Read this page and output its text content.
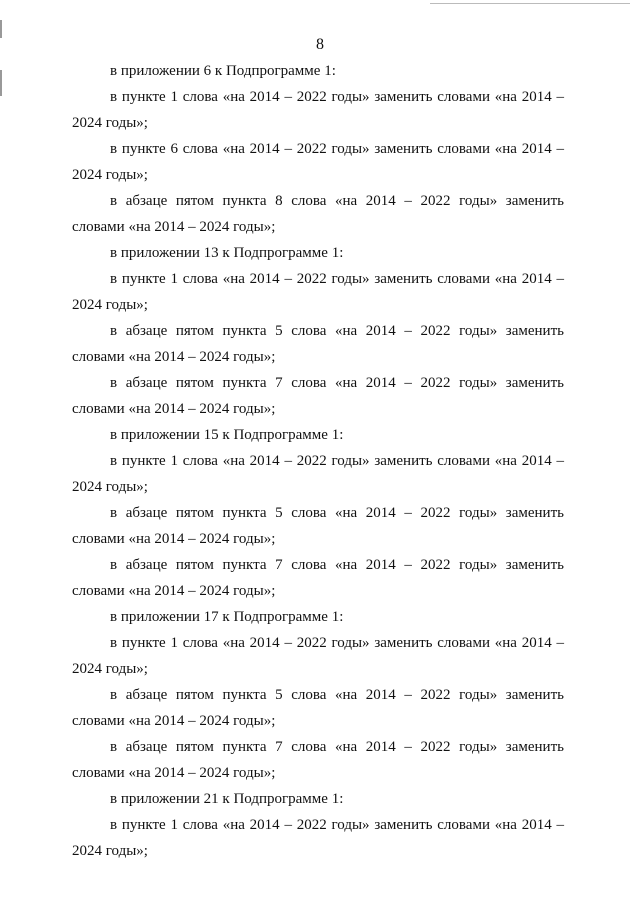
8

в приложении 6 к Подпрограмме 1:

в пункте 1 слова «на 2014 – 2022 годы» заменить словами «на 2014 – 2024 годы»;

в пункте 6 слова «на 2014 – 2022 годы» заменить словами «на 2014 – 2024 годы»;

в абзаце пятом пункта 8 слова «на 2014 – 2022 годы» заменить словами «на 2014 – 2024 годы»;

в приложении 13 к Подпрограмме 1:

в пункте 1 слова «на 2014 – 2022 годы» заменить словами «на 2014 – 2024 годы»;

в абзаце пятом пункта 5 слова «на 2014 – 2022 годы» заменить словами «на 2014 – 2024 годы»;

в абзаце пятом пункта 7 слова «на 2014 – 2022 годы» заменить словами «на 2014 – 2024 годы»;

в приложении 15 к Подпрограмме 1:

в пункте 1 слова «на 2014 – 2022 годы» заменить словами «на 2014 – 2024 годы»;

в абзаце пятом пункта 5 слова «на 2014 – 2022 годы» заменить словами «на 2014 – 2024 годы»;

в абзаце пятом пункта 7 слова «на 2014 – 2022 годы» заменить словами «на 2014 – 2024 годы»;

в приложении 17 к Подпрограмме 1:

в пункте 1 слова «на 2014 – 2022 годы» заменить словами «на 2014 – 2024 годы»;

в абзаце пятом пункта 5 слова «на 2014 – 2022 годы» заменить словами «на 2014 – 2024 годы»;

в абзаце пятом пункта 7 слова «на 2014 – 2022 годы» заменить словами «на 2014 – 2024 годы»;

в приложении 21 к Подпрограмме 1:

в пункте 1 слова «на 2014 – 2022 годы» заменить словами «на 2014 – 2024 годы»;
